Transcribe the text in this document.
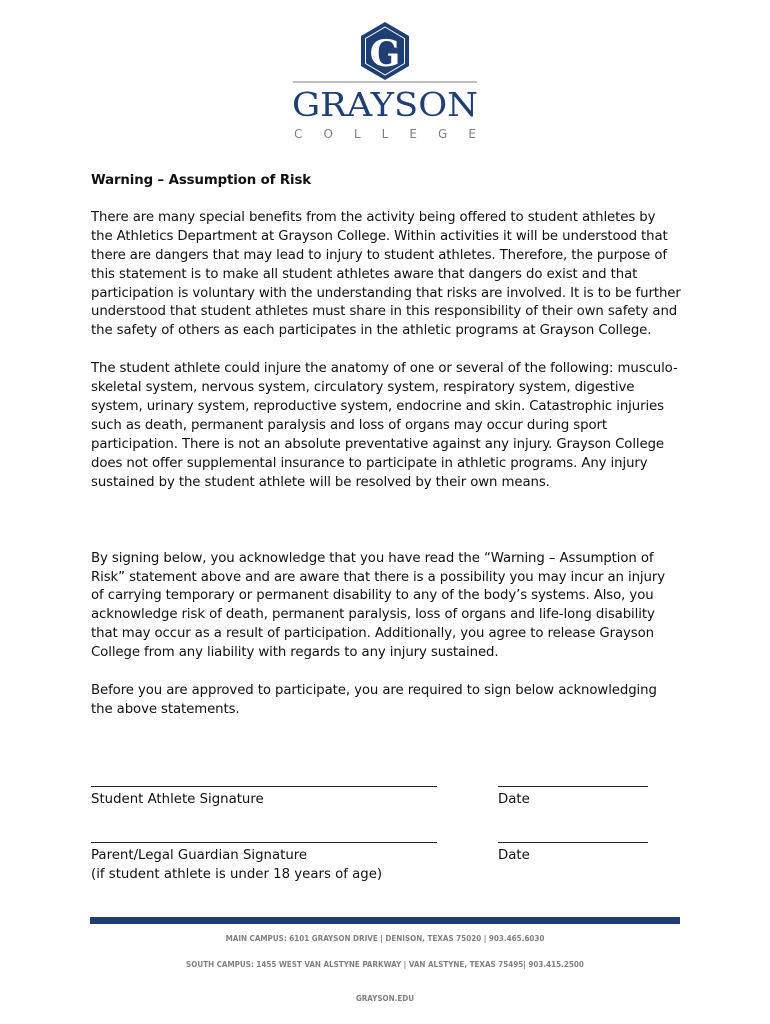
G
GRAYSON
C O L L E G E
Warning – Assumption of Risk

There are many special benefits from the activity being offered to student athletes by the Athletics Department at Grayson College. Within activities it will be understood that there are dangers that may lead to injury to student athletes. Therefore, the purpose of this statement is to make all student athletes aware that dangers do exist and that participation is voluntary with the understanding that risks are involved. It is to be further understood that student athletes must share in this responsibility of their own safety and the safety of others as each participates in the athletic programs at Grayson College.

The student athlete could injure the anatomy of one or several of the following: musculo-skeletal system, nervous system, circulatory system, respiratory system, digestive system, urinary system, reproductive system, endocrine and skin. Catastrophic injuries such as death, permanent paralysis and loss of organs may occur during sport participation. There is not an absolute preventative against any injury. Grayson College does not offer supplemental insurance to participate in athletic programs. Any injury sustained by the student athlete will be resolved by their own means.

By signing below, you acknowledge that you have read the “Warning – Assumption of Risk” statement above and are aware that there is a possibility you may incur an injury of carrying temporary or permanent disability to any of the body’s systems. Also, you acknowledge risk of death, permanent paralysis, loss of organs and life-long disability that may occur as a result of participation. Additionally, you agree to release Grayson College from any liability with regards to any injury sustained.

Before you are approved to participate, you are required to sign below acknowledging the above statements.

Student Athlete Signature	Date
Parent/Legal Guardian Signature
(if student athlete is under 18 years of age)
Date
MAIN CAMPUS: 6101 GRAYSON DRIVE | DENISON, TEXAS 75020 | 903.465.6030
SOUTH CAMPUS: 1455 WEST VAN ALSTYNE PARKWAY | VAN ALSTYNE, TEXAS 75495| 903.415.2500
GRAYSON.EDU
